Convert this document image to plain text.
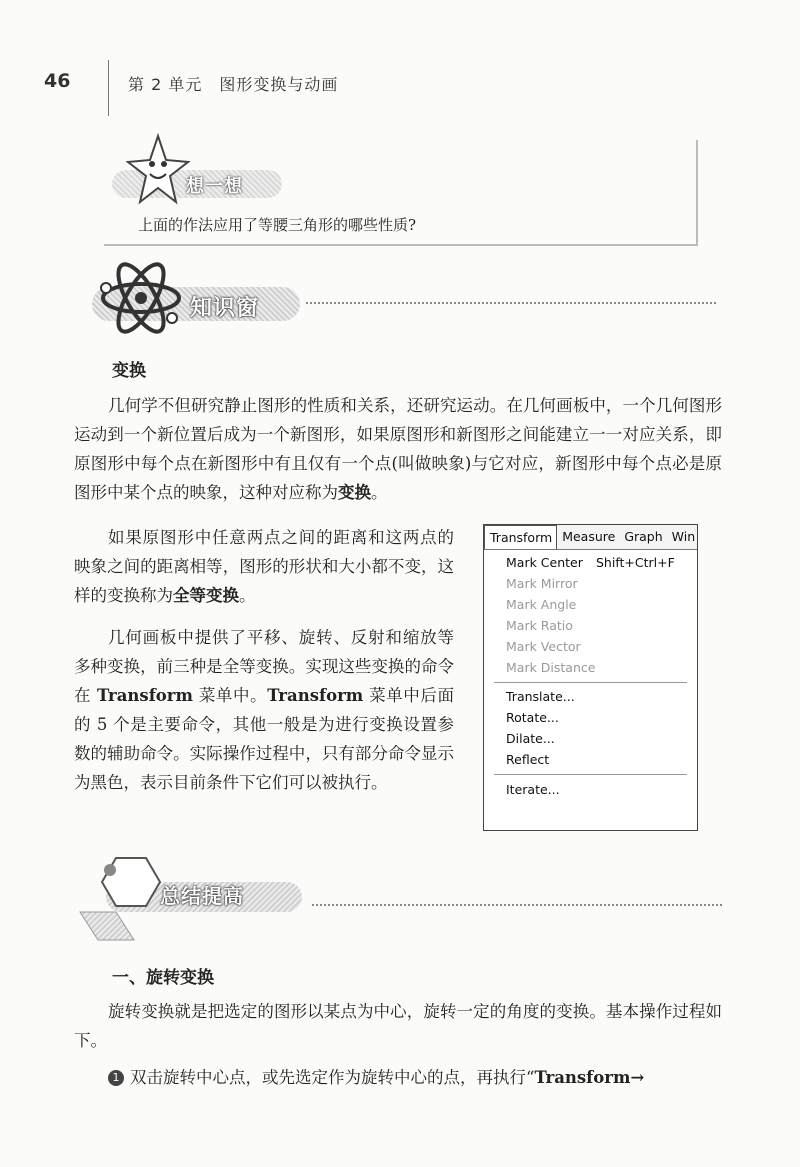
46	第 2 单元　图形变换与动画
想一想
上面的作法应用了等腰三角形的哪些性质?
知识窗
变换
几何学不但研究静止图形的性质和关系，还研究运动。在几何画板中，一个几何图形运动到一个新位置后成为一个新图形，如果原图形和新图形之间能建立一一对应关系，即原图形中每个点在新图形中有且仅有一个点(叫做映象)与它对应，新图形中每个点必是原图形中某个点的映象，这种对应称为变换。
如果原图形中任意两点之间的距离和这两点的映象之间的距离相等，图形的形状和大小都不变，这样的变换称为全等变换。
几何画板中提供了平移、旋转、反射和缩放等多种变换，前三种是全等变换。实现这些变换的命令在 Transform 菜单中。Transform 菜单中后面的 5 个是主要命令，其他一般是为进行变换设置参数的辅助命令。实际操作过程中，只有部分命令显示为黑色，表示目前条件下它们可以被执行。
Transform Measure Graph Win
Mark Center Shift+Ctrl+F
Mark Mirror
Mark Angle
Mark Ratio
Mark Vector
Mark Distance
Translate...
Rotate...
Dilate...
Reflect
Iterate...
总结提高
一、旋转变换
旋转变换就是把选定的图形以某点为中心，旋转一定的角度的变换。基本操作过程如下。
1 双击旋转中心点，或先选定作为旋转中心的点，再执行“Transform→
